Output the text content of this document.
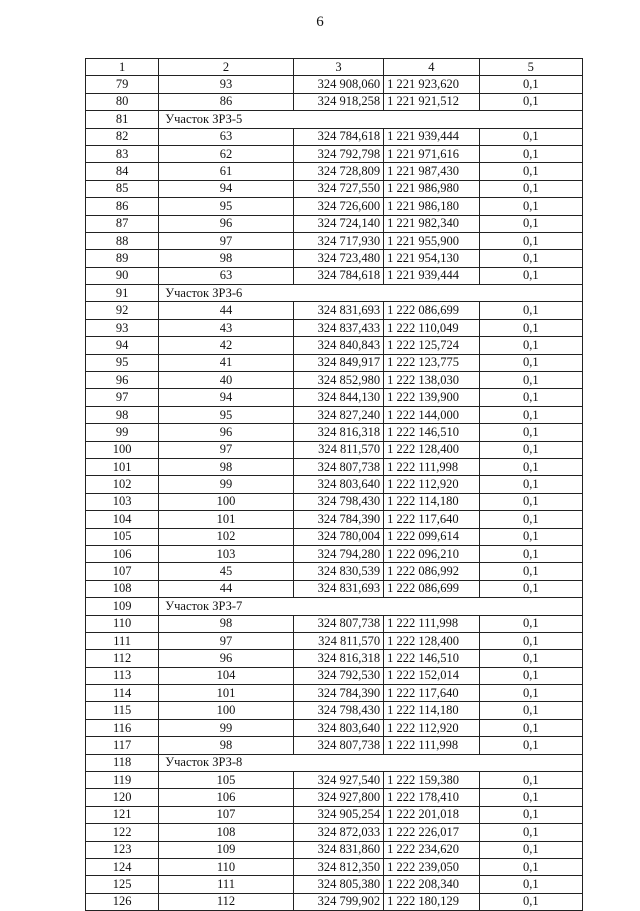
6
1	2	3	4	5
79	93	324 908,060	1 221 923,620	0,1
80	86	324 918,258	1 221 921,512	0,1
81	Участок ЗРЗ-5			
82	63	324 784,618	1 221 939,444	0,1
83	62	324 792,798	1 221 971,616	0,1
84	61	324 728,809	1 221 987,430	0,1
85	94	324 727,550	1 221 986,980	0,1
86	95	324 726,600	1 221 986,180	0,1
87	96	324 724,140	1 221 982,340	0,1
88	97	324 717,930	1 221 955,900	0,1
89	98	324 723,480	1 221 954,130	0,1
90	63	324 784,618	1 221 939,444	0,1
91	Участок ЗРЗ-6			
92	44	324 831,693	1 222 086,699	0,1
93	43	324 837,433	1 222 110,049	0,1
94	42	324 840,843	1 222 125,724	0,1
95	41	324 849,917	1 222 123,775	0,1
96	40	324 852,980	1 222 138,030	0,1
97	94	324 844,130	1 222 139,900	0,1
98	95	324 827,240	1 222 144,000	0,1
99	96	324 816,318	1 222 146,510	0,1
100	97	324 811,570	1 222 128,400	0,1
101	98	324 807,738	1 222 111,998	0,1
102	99	324 803,640	1 222 112,920	0,1
103	100	324 798,430	1 222 114,180	0,1
104	101	324 784,390	1 222 117,640	0,1
105	102	324 780,004	1 222 099,614	0,1
106	103	324 794,280	1 222 096,210	0,1
107	45	324 830,539	1 222 086,992	0,1
108	44	324 831,693	1 222 086,699	0,1
109	Участок ЗРЗ-7			
110	98	324 807,738	1 222 111,998	0,1
111	97	324 811,570	1 222 128,400	0,1
112	96	324 816,318	1 222 146,510	0,1
113	104	324 792,530	1 222 152,014	0,1
114	101	324 784,390	1 222 117,640	0,1
115	100	324 798,430	1 222 114,180	0,1
116	99	324 803,640	1 222 112,920	0,1
117	98	324 807,738	1 222 111,998	0,1
118	Участок ЗРЗ-8			
119	105	324 927,540	1 222 159,380	0,1
120	106	324 927,800	1 222 178,410	0,1
121	107	324 905,254	1 222 201,018	0,1
122	108	324 872,033	1 222 226,017	0,1
123	109	324 831,860	1 222 234,620	0,1
124	110	324 812,350	1 222 239,050	0,1
125	111	324 805,380	1 222 208,340	0,1
126	112	324 799,902	1 222 180,129	0,1
